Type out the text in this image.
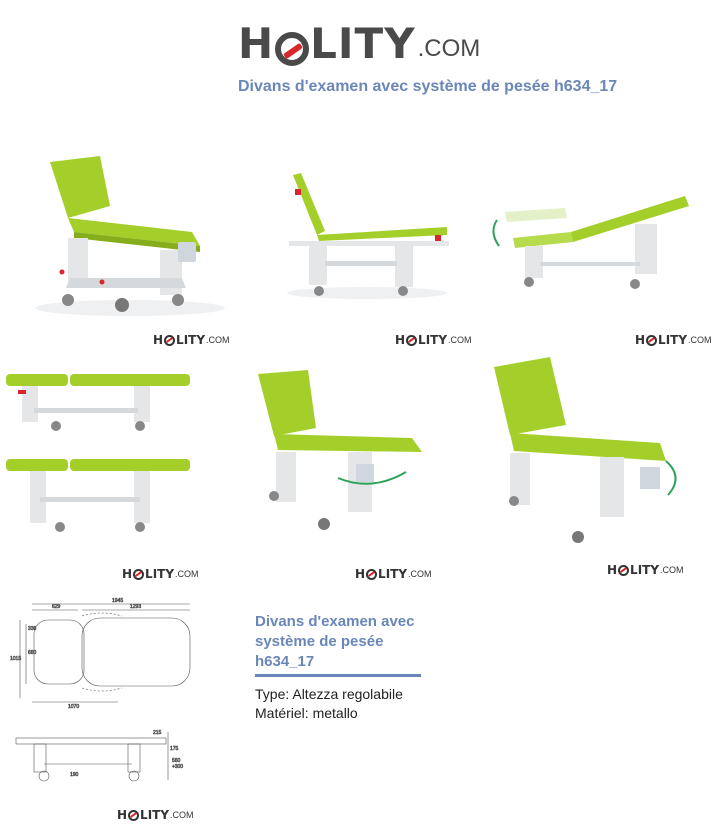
H LITY .COM
Divans d'examen avec système de pesée h634_17
H LITY .COM	H LITY .COM	H LITY .COM
H LITY .COM	H LITY .COM	H LITY .COM
H LITY .COM
1945
629	1293
1015
680
336
1070
215
175
560
÷300
190
Divans d'examen avec système de pesée h634_17
Type: Altezza regolabile
Matériel: metallo
